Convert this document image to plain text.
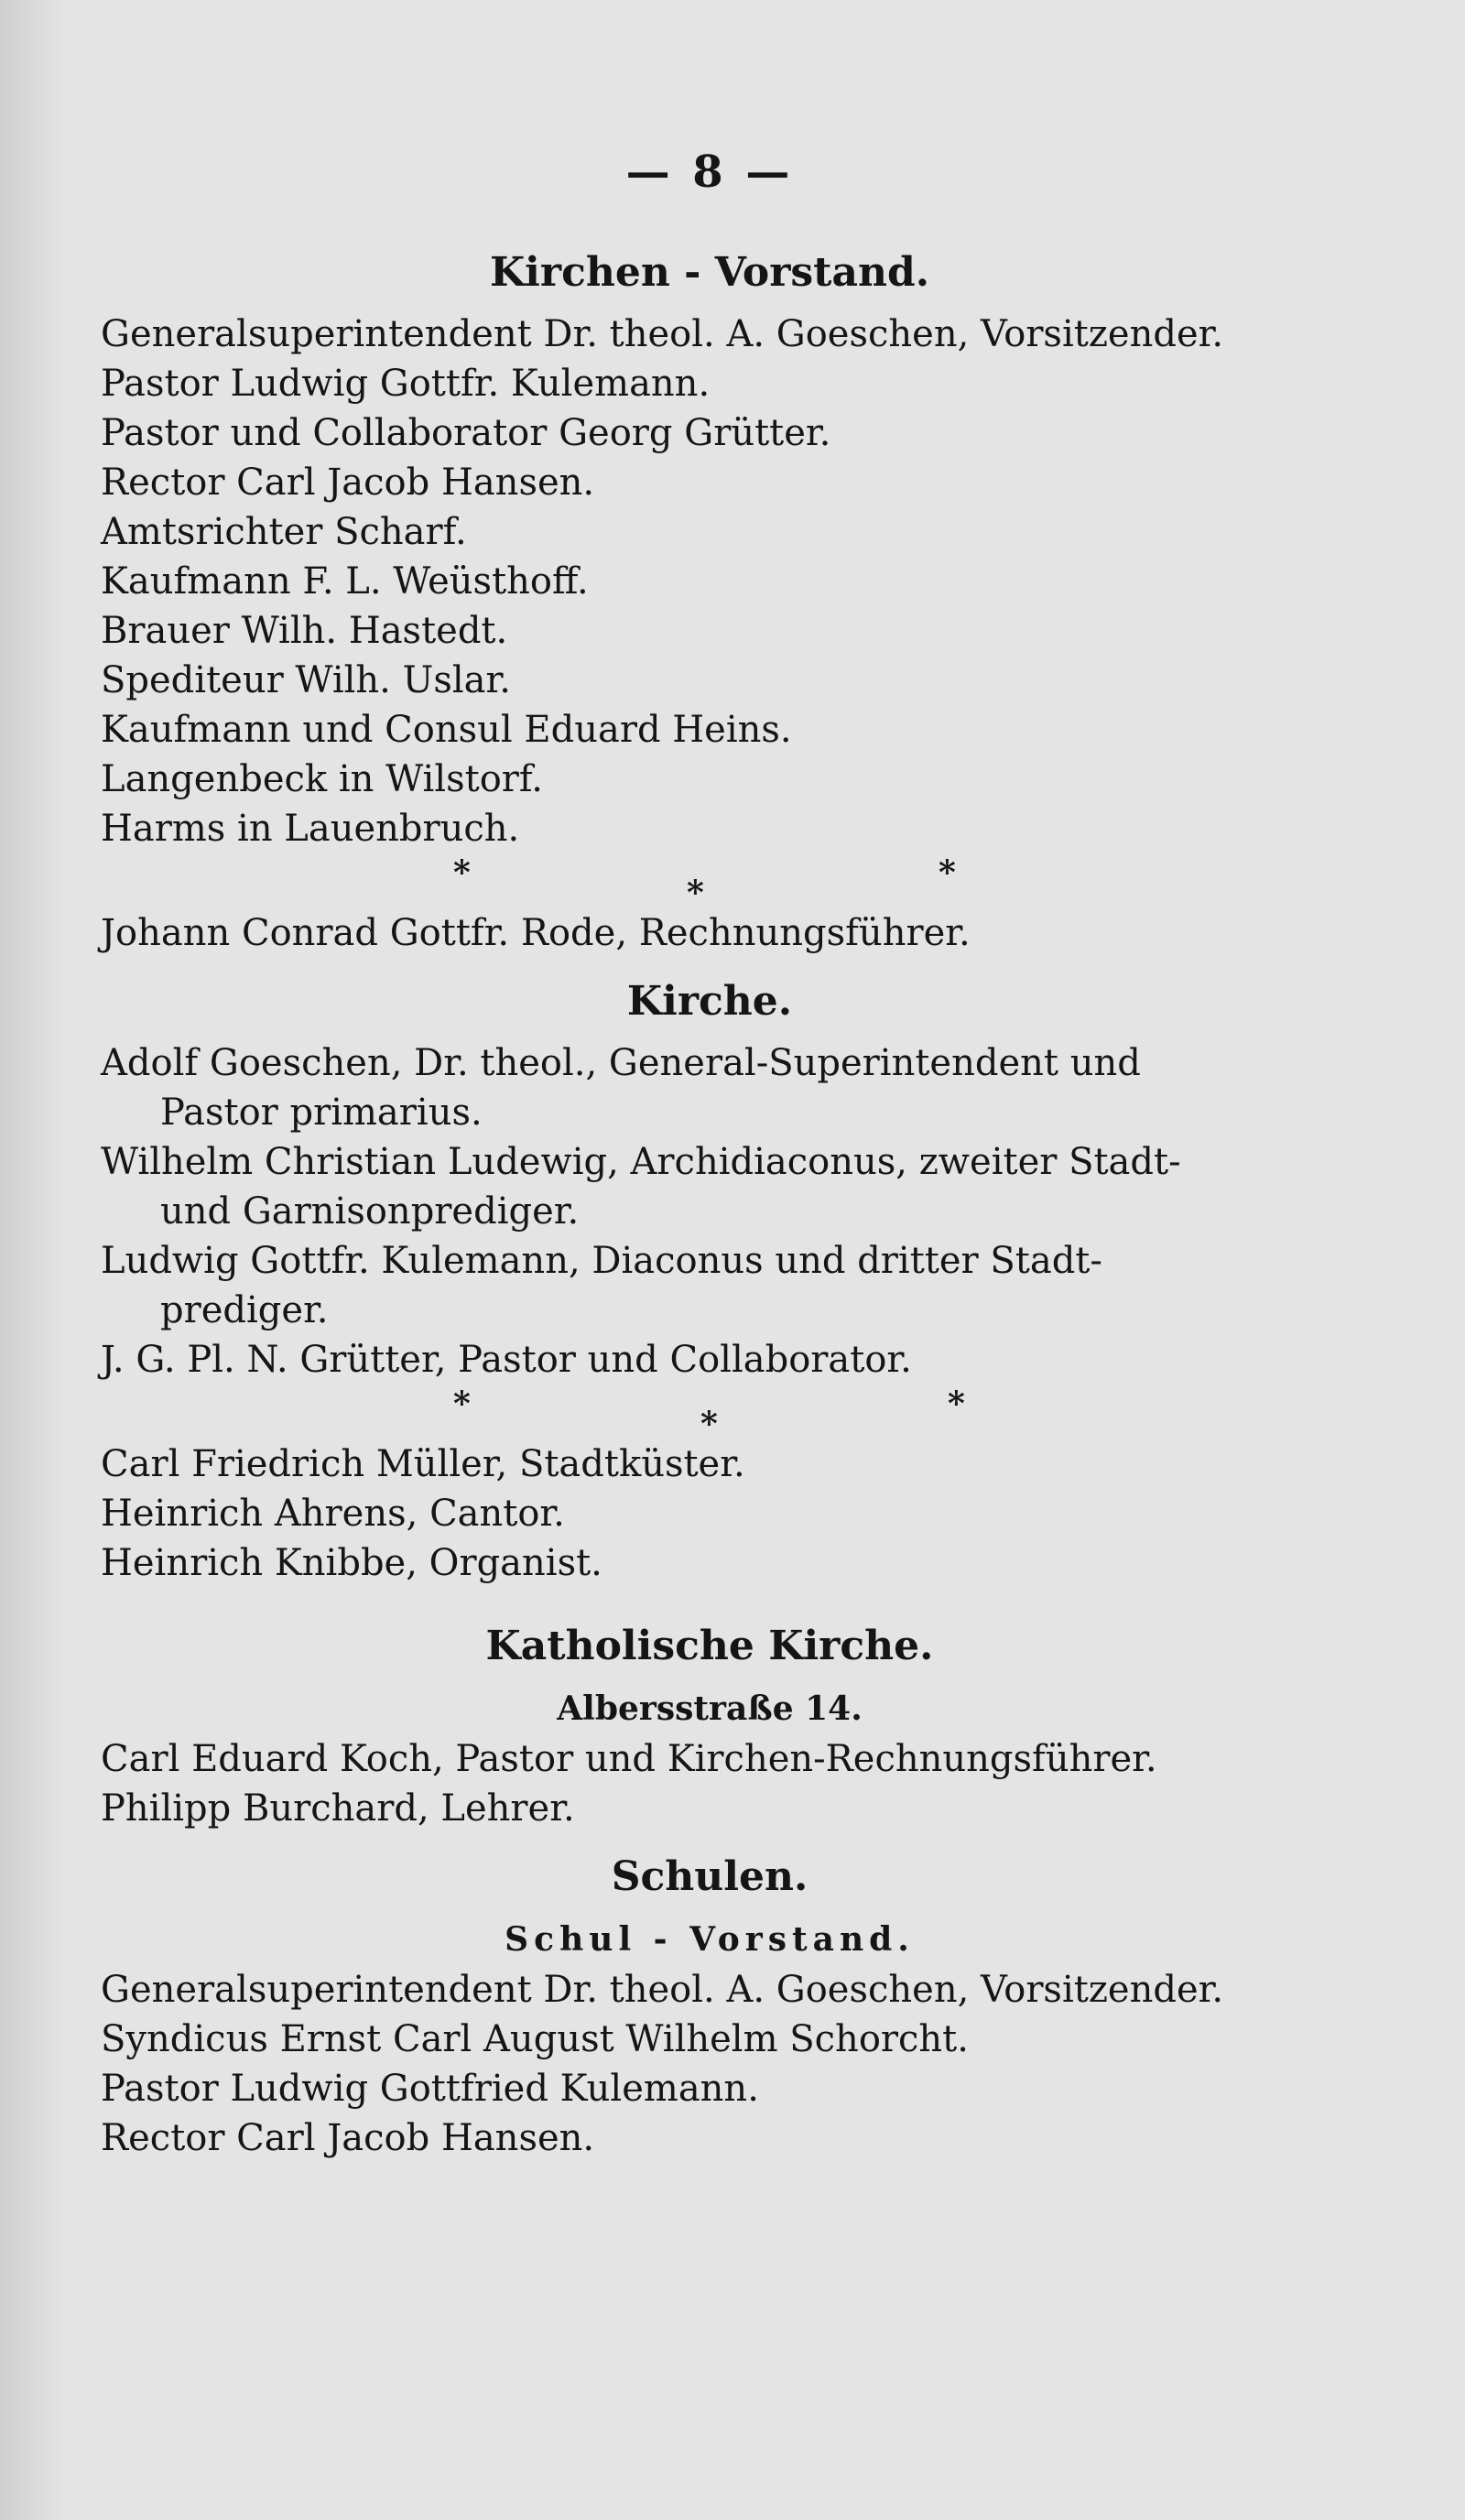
— 8 —
Kirchen - Vorstand.
Generalsuperintendent Dr. theol. A. Goeschen, Vorsitzender.
Pastor Ludwig Gottfr. Kulemann.
Pastor und Collaborator Georg Grütter.
Rector Carl Jacob Hansen.
Amtsrichter Scharf.
Kaufmann F. L. Weüsthoff.
Brauer Wilh. Hastedt.
Spediteur Wilh. Uslar.
Kaufmann und Consul Eduard Heins.
Langenbeck in Wilstorf.
Harms in Lauenbruch.
*
*
*
Johann Conrad Gottfr. Rode, Rechnungsführer.
Kirche.
Adolf Goeschen, Dr. theol., General-Superintendent und
Pastor primarius.
Wilhelm Christian Ludewig, Archidiaconus, zweiter Stadt-
und Garnisonprediger.
Ludwig Gottfr. Kulemann, Diaconus und dritter Stadt-
prediger.
J. G. Pl. N. Grütter, Pastor und Collaborator.
*
*
*
Carl Friedrich Müller, Stadtküster.
Heinrich Ahrens, Cantor.
Heinrich Knibbe, Organist.
Katholische Kirche.
Albersstraße 14.
Carl Eduard Koch, Pastor und Kirchen-Rechnungsführer.
Philipp Burchard, Lehrer.
Schulen.
Schul - Vorstand.
Generalsuperintendent Dr. theol. A. Goeschen, Vorsitzender.
Syndicus Ernst Carl August Wilhelm Schorcht.
Pastor Ludwig Gottfried Kulemann.
Rector Carl Jacob Hansen.
